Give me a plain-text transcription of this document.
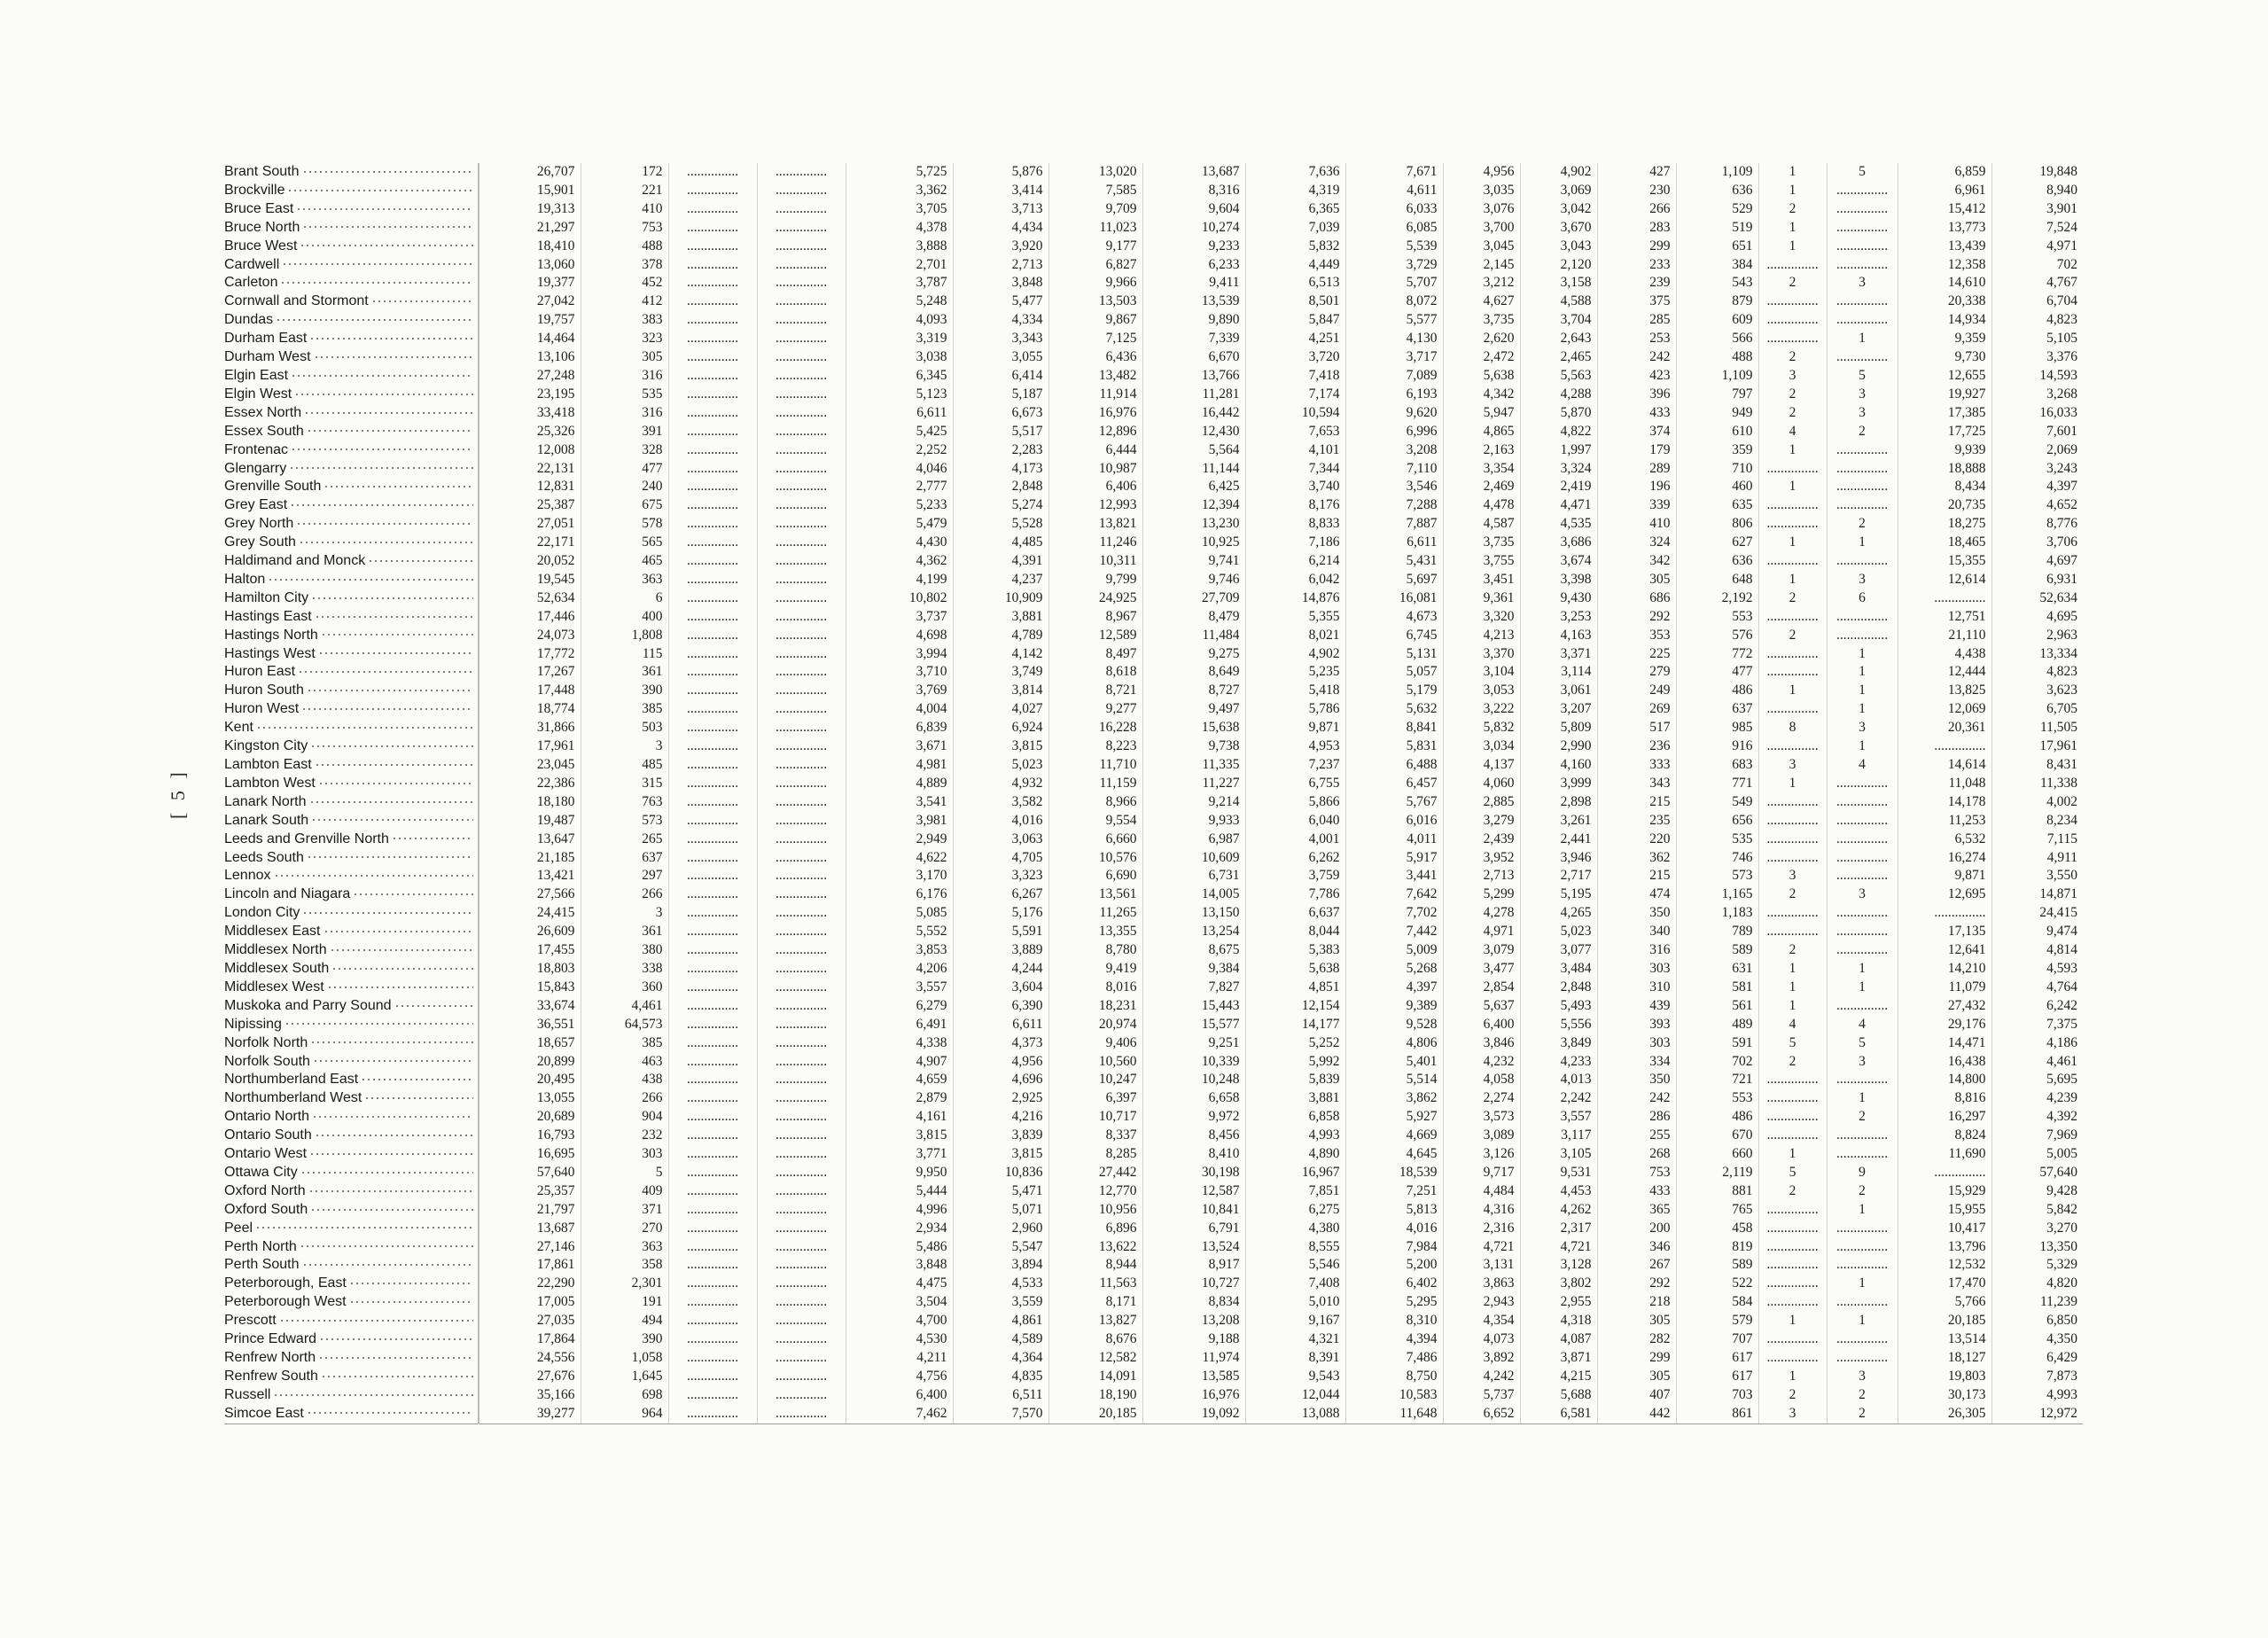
[ 5 ]
Brant South	26,707	172	...............	...............	5,725	5,876	13,020	13,687	7,636	7,671	4,956	4,902	427	1,109	1	5	6,859	19,848
Brockville	15,901	221	...............	...............	3,362	3,414	7,585	8,316	4,319	4,611	3,035	3,069	230	636	1	...............	6,961	8,940
Bruce East	19,313	410	...............	...............	3,705	3,713	9,709	9,604	6,365	6,033	3,076	3,042	266	529	2	...............	15,412	3,901
Bruce North	21,297	753	...............	...............	4,378	4,434	11,023	10,274	7,039	6,085	3,700	3,670	283	519	1	...............	13,773	7,524
Bruce West	18,410	488	...............	...............	3,888	3,920	9,177	9,233	5,832	5,539	3,045	3,043	299	651	1	...............	13,439	4,971
Cardwell	13,060	378	...............	...............	2,701	2,713	6,827	6,233	4,449	3,729	2,145	2,120	233	384	...............	...............	12,358	702
Carleton	19,377	452	...............	...............	3,787	3,848	9,966	9,411	6,513	5,707	3,212	3,158	239	543	2	3	14,610	4,767
Cornwall and Stormont	27,042	412	...............	...............	5,248	5,477	13,503	13,539	8,501	8,072	4,627	4,588	375	879	...............	...............	20,338	6,704
Dundas	19,757	383	...............	...............	4,093	4,334	9,867	9,890	5,847	5,577	3,735	3,704	285	609	...............	...............	14,934	4,823
Durham East	14,464	323	...............	...............	3,319	3,343	7,125	7,339	4,251	4,130	2,620	2,643	253	566	...............	1	9,359	5,105
Durham West	13,106	305	...............	...............	3,038	3,055	6,436	6,670	3,720	3,717	2,472	2,465	242	488	2	...............	9,730	3,376
Elgin East	27,248	316	...............	...............	6,345	6,414	13,482	13,766	7,418	7,089	5,638	5,563	423	1,109	3	5	12,655	14,593
Elgin West	23,195	535	...............	...............	5,123	5,187	11,914	11,281	7,174	6,193	4,342	4,288	396	797	2	3	19,927	3,268
Essex North	33,418	316	...............	...............	6,611	6,673	16,976	16,442	10,594	9,620	5,947	5,870	433	949	2	3	17,385	16,033
Essex South	25,326	391	...............	...............	5,425	5,517	12,896	12,430	7,653	6,996	4,865	4,822	374	610	4	2	17,725	7,601
Frontenac	12,008	328	...............	...............	2,252	2,283	6,444	5,564	4,101	3,208	2,163	1,997	179	359	1	...............	9,939	2,069
Glengarry	22,131	477	...............	...............	4,046	4,173	10,987	11,144	7,344	7,110	3,354	3,324	289	710	...............	...............	18,888	3,243
Grenville South	12,831	240	...............	...............	2,777	2,848	6,406	6,425	3,740	3,546	2,469	2,419	196	460	1	...............	8,434	4,397
Grey East	25,387	675	...............	...............	5,233	5,274	12,993	12,394	8,176	7,288	4,478	4,471	339	635	...............	...............	20,735	4,652
Grey North	27,051	578	...............	...............	5,479	5,528	13,821	13,230	8,833	7,887	4,587	4,535	410	806	...............	2	18,275	8,776
Grey South	22,171	565	...............	...............	4,430	4,485	11,246	10,925	7,186	6,611	3,735	3,686	324	627	1	1	18,465	3,706
Haldimand and Monck	20,052	465	...............	...............	4,362	4,391	10,311	9,741	6,214	5,431	3,755	3,674	342	636	...............	...............	15,355	4,697
Halton	19,545	363	...............	...............	4,199	4,237	9,799	9,746	6,042	5,697	3,451	3,398	305	648	1	3	12,614	6,931
Hamilton City	52,634	6	...............	...............	10,802	10,909	24,925	27,709	14,876	16,081	9,361	9,430	686	2,192	2	6	...............	52,634
Hastings East	17,446	400	...............	...............	3,737	3,881	8,967	8,479	5,355	4,673	3,320	3,253	292	553	...............	...............	12,751	4,695
Hastings North	24,073	1,808	...............	...............	4,698	4,789	12,589	11,484	8,021	6,745	4,213	4,163	353	576	2	...............	21,110	2,963
Hastings West	17,772	115	...............	...............	3,994	4,142	8,497	9,275	4,902	5,131	3,370	3,371	225	772	...............	1	4,438	13,334
Huron East	17,267	361	...............	...............	3,710	3,749	8,618	8,649	5,235	5,057	3,104	3,114	279	477	...............	1	12,444	4,823
Huron South	17,448	390	...............	...............	3,769	3,814	8,721	8,727	5,418	5,179	3,053	3,061	249	486	1	1	13,825	3,623
Huron West	18,774	385	...............	...............	4,004	4,027	9,277	9,497	5,786	5,632	3,222	3,207	269	637	...............	1	12,069	6,705
Kent	31,866	503	...............	...............	6,839	6,924	16,228	15,638	9,871	8,841	5,832	5,809	517	985	8	3	20,361	11,505
Kingston City	17,961	3	...............	...............	3,671	3,815	8,223	9,738	4,953	5,831	3,034	2,990	236	916	...............	1	...............	17,961
Lambton East	23,045	485	...............	...............	4,981	5,023	11,710	11,335	7,237	6,488	4,137	4,160	333	683	3	4	14,614	8,431
Lambton West	22,386	315	...............	...............	4,889	4,932	11,159	11,227	6,755	6,457	4,060	3,999	343	771	1	...............	11,048	11,338
Lanark North	18,180	763	...............	...............	3,541	3,582	8,966	9,214	5,866	5,767	2,885	2,898	215	549	...............	...............	14,178	4,002
Lanark South	19,487	573	...............	...............	3,981	4,016	9,554	9,933	6,040	6,016	3,279	3,261	235	656	...............	...............	11,253	8,234
Leeds and Grenville North	13,647	265	...............	...............	2,949	3,063	6,660	6,987	4,001	4,011	2,439	2,441	220	535	...............	...............	6,532	7,115
Leeds South	21,185	637	...............	...............	4,622	4,705	10,576	10,609	6,262	5,917	3,952	3,946	362	746	...............	...............	16,274	4,911
Lennox	13,421	297	...............	...............	3,170	3,323	6,690	6,731	3,759	3,441	2,713	2,717	215	573	3	...............	9,871	3,550
Lincoln and Niagara	27,566	266	...............	...............	6,176	6,267	13,561	14,005	7,786	7,642	5,299	5,195	474	1,165	2	3	12,695	14,871
London City	24,415	3	...............	...............	5,085	5,176	11,265	13,150	6,637	7,702	4,278	4,265	350	1,183	...............	...............	...............	24,415
Middlesex East	26,609	361	...............	...............	5,552	5,591	13,355	13,254	8,044	7,442	4,971	5,023	340	789	...............	...............	17,135	9,474
Middlesex North	17,455	380	...............	...............	3,853	3,889	8,780	8,675	5,383	5,009	3,079	3,077	316	589	2	...............	12,641	4,814
Middlesex South	18,803	338	...............	...............	4,206	4,244	9,419	9,384	5,638	5,268	3,477	3,484	303	631	1	1	14,210	4,593
Middlesex West	15,843	360	...............	...............	3,557	3,604	8,016	7,827	4,851	4,397	2,854	2,848	310	581	1	1	11,079	4,764
Muskoka and Parry Sound	33,674	4,461	...............	...............	6,279	6,390	18,231	15,443	12,154	9,389	5,637	5,493	439	561	1	...............	27,432	6,242
Nipissing	36,551	64,573	...............	...............	6,491	6,611	20,974	15,577	14,177	9,528	6,400	5,556	393	489	4	4	29,176	7,375
Norfolk North	18,657	385	...............	...............	4,338	4,373	9,406	9,251	5,252	4,806	3,846	3,849	303	591	5	5	14,471	4,186
Norfolk South	20,899	463	...............	...............	4,907	4,956	10,560	10,339	5,992	5,401	4,232	4,233	334	702	2	3	16,438	4,461
Northumberland East	20,495	438	...............	...............	4,659	4,696	10,247	10,248	5,839	5,514	4,058	4,013	350	721	...............	...............	14,800	5,695
Northumberland West	13,055	266	...............	...............	2,879	2,925	6,397	6,658	3,881	3,862	2,274	2,242	242	553	...............	1	8,816	4,239
Ontario North	20,689	904	...............	...............	4,161	4,216	10,717	9,972	6,858	5,927	3,573	3,557	286	486	...............	2	16,297	4,392
Ontario South	16,793	232	...............	...............	3,815	3,839	8,337	8,456	4,993	4,669	3,089	3,117	255	670	...............	...............	8,824	7,969
Ontario West	16,695	303	...............	...............	3,771	3,815	8,285	8,410	4,890	4,645	3,126	3,105	268	660	1	...............	11,690	5,005
Ottawa City	57,640	5	...............	...............	9,950	10,836	27,442	30,198	16,967	18,539	9,717	9,531	753	2,119	5	9	...............	57,640
Oxford North	25,357	409	...............	...............	5,444	5,471	12,770	12,587	7,851	7,251	4,484	4,453	433	881	2	2	15,929	9,428
Oxford South	21,797	371	...............	...............	4,996	5,071	10,956	10,841	6,275	5,813	4,316	4,262	365	765	...............	1	15,955	5,842
Peel	13,687	270	...............	...............	2,934	2,960	6,896	6,791	4,380	4,016	2,316	2,317	200	458	...............	...............	10,417	3,270
Perth North	27,146	363	...............	...............	5,486	5,547	13,622	13,524	8,555	7,984	4,721	4,721	346	819	...............	...............	13,796	13,350
Perth South	17,861	358	...............	...............	3,848	3,894	8,944	8,917	5,546	5,200	3,131	3,128	267	589	...............	...............	12,532	5,329
Peterborough, East	22,290	2,301	...............	...............	4,475	4,533	11,563	10,727	7,408	6,402	3,863	3,802	292	522	...............	1	17,470	4,820
Peterborough West	17,005	191	...............	...............	3,504	3,559	8,171	8,834	5,010	5,295	2,943	2,955	218	584	...............	...............	5,766	11,239
Prescott	27,035	494	...............	...............	4,700	4,861	13,827	13,208	9,167	8,310	4,354	4,318	305	579	1	1	20,185	6,850
Prince Edward	17,864	390	...............	...............	4,530	4,589	8,676	9,188	4,321	4,394	4,073	4,087	282	707	...............	...............	13,514	4,350
Renfrew North	24,556	1,058	...............	...............	4,211	4,364	12,582	11,974	8,391	7,486	3,892	3,871	299	617	...............	...............	18,127	6,429
Renfrew South	27,676	1,645	...............	...............	4,756	4,835	14,091	13,585	9,543	8,750	4,242	4,215	305	617	1	3	19,803	7,873
Russell	35,166	698	...............	...............	6,400	6,511	18,190	16,976	12,044	10,583	5,737	5,688	407	703	2	2	30,173	4,993
Simcoe East	39,277	964	...............	...............	7,462	7,570	20,185	19,092	13,088	11,648	6,652	6,581	442	861	3	2	26,305	12,972
